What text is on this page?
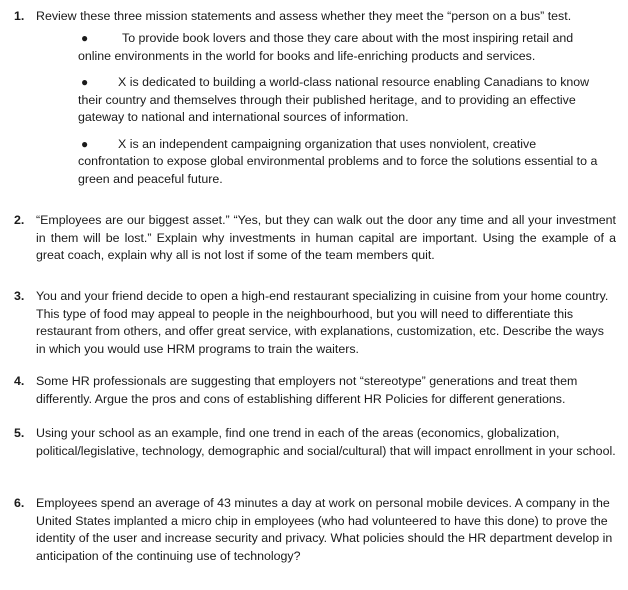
1. Review these three mission statements and assess whether they meet the “person on a bus” test.
●	To provide book lovers and those they care about with the most inspiring retail and online environments in the world for books and life-enriching products and services.

●	X is dedicated to building a world-class national resource enabling Canadians to know their country and themselves through their published heritage, and to providing an effective gateway to national and international sources of information.

●	X is an independent campaigning organization that uses nonviolent, creative confrontation to expose global environmental problems and to force the solutions essential to a green and peaceful future.

2. “Employees are our biggest asset.” “Yes, but they can walk out the door any time and all your investment in them will be lost.” Explain why investments in human capital are important. Using the example of a great coach, explain why all is not lost if some of the team members quit.
3. You and your friend decide to open a high-end restaurant specializing in cuisine from your home country. This type of food may appeal to people in the neighbourhood, but you will need to differentiate this restaurant from others, and offer great service, with explanations, customization, etc. Describe the ways in which you would use HRM programs to train the waiters.
4. Some HR professionals are suggesting that employers not “stereotype” generations and treat them differently. Argue the pros and cons of establishing different HR Policies for different generations.
5. Using your school as an example, find one trend in each of the areas (economics, globalization, political/legislative, technology, demographic and social/cultural) that will impact enrollment in your school.
6. Employees spend an average of 43 minutes a day at work on personal mobile devices. A company in the United States implanted a micro chip in employees (who had volunteered to have this done) to prove the identity of the user and increase security and privacy. What policies should the HR department develop in anticipation of the continuing use of technology?
